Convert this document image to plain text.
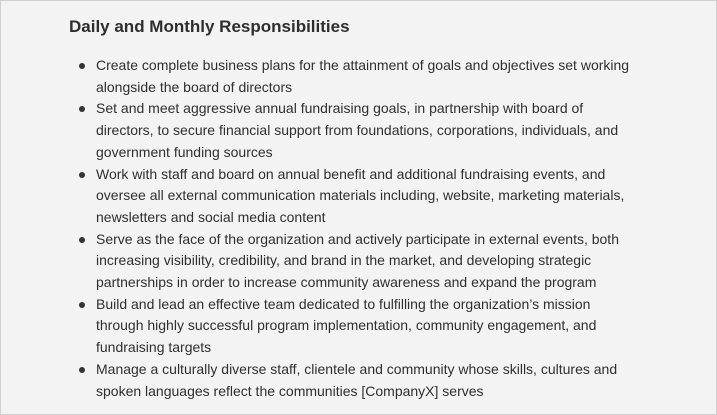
Daily and Monthly Responsibilities
Create complete business plans for the attainment of goals and objectives set working
alongside the board of directors
Set and meet aggressive annual fundraising goals, in partnership with board of
directors, to secure financial support from foundations, corporations, individuals, and
government funding sources
Work with staff and board on annual benefit and additional fundraising events, and
oversee all external communication materials including, website, marketing materials,
newsletters and social media content
Serve as the face of the organization and actively participate in external events, both
increasing visibility, credibility, and brand in the market, and developing strategic
partnerships in order to increase community awareness and expand the program
Build and lead an effective team dedicated to fulfilling the organization’s mission
through highly successful program implementation, community engagement, and
fundraising targets
Manage a culturally diverse staff, clientele and community whose skills, cultures and
spoken languages reflect the communities [CompanyX] serves
